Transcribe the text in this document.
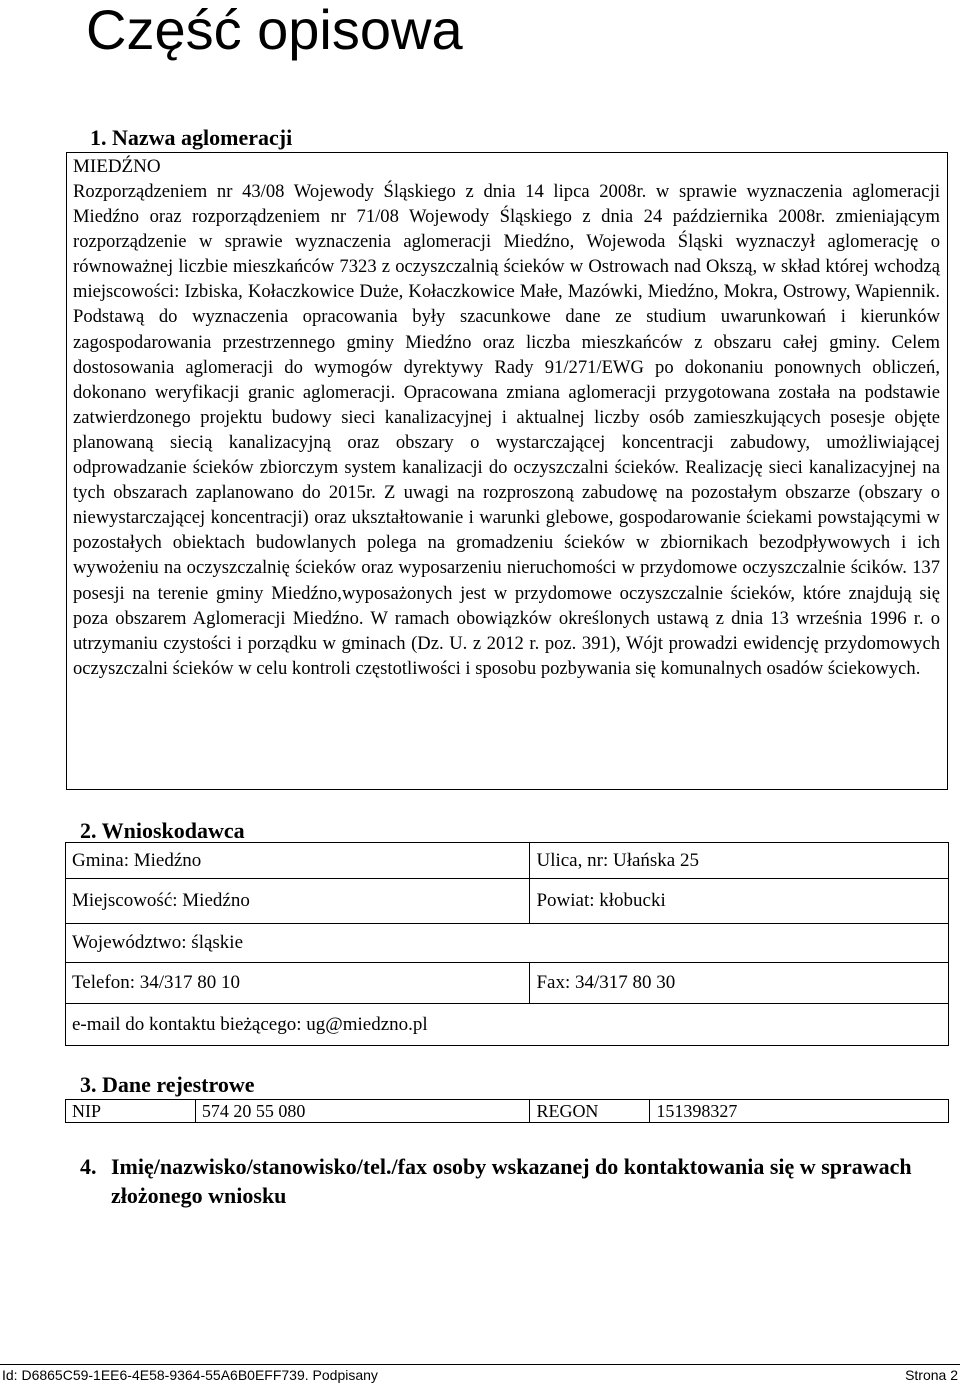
Część opisowa
1. Nazwa aglomeracji
MIEDŹNO

Rozporządzeniem nr 43/08 Wojewody Śląskiego z dnia 14 lipca 2008r. w sprawie wyznaczenia aglomeracji Miedźno oraz rozporządzeniem nr 71/08 Wojewody Śląskiego z dnia 24 października 2008r. zmieniającym rozporządzenie w sprawie wyznaczenia aglomeracji Miedźno, Wojewoda Śląski wyznaczył aglomerację o równoważnej liczbie mieszkańców 7323 z oczyszczalnią ścieków w Ostrowach nad Okszą, w skład której wchodzą miejscowości: Izbiska, Kołaczkowice Duże, Kołaczkowice Małe, Mazówki, Miedźno, Mokra, Ostrowy, Wapiennik. Podstawą do wyznaczenia opracowania były szacunkowe dane ze studium uwarunkowań i kierunków zagospodarowania przestrzennego gminy Miedźno oraz liczba mieszkańców z obszaru całej gminy. Celem dostosowania aglomeracji do wymogów dyrektywy Rady 91/271/EWG po dokonaniu ponownych obliczeń, dokonano weryfikacji granic aglomeracji. Opracowana zmiana aglomeracji przygotowana została na podstawie zatwierdzonego projektu budowy sieci kanalizacyjnej i aktualnej liczby osób zamieszkujących posesje objęte planowaną siecią kanalizacyjną oraz obszary o wystarczającej koncentracji zabudowy, umożliwiającej odprowadzanie ścieków zbiorczym system kanalizacji do oczyszczalni ścieków. Realizację sieci kanalizacyjnej na tych obszarach zaplanowano do 2015r. Z uwagi na rozproszoną zabudowę na pozostałym obszarze (obszary o niewystarczającej koncentracji) oraz ukształtowanie i warunki glebowe, gospodarowanie ściekami powstającymi w pozostałych obiektach budowlanych polega na gromadzeniu ścieków w zbiornikach bezodpływowych i ich wywożeniu na oczyszczalnię ścieków oraz wyposarzeniu nieruchomości w przydomowe oczyszczalnie ścików. 137 posesji na terenie gminy Miedźno,wyposażonych jest w przydomowe oczyszczalnie ścieków, które znajdują się poza obszarem Aglomeracji Miedźno. W ramach obowiązków określonych ustawą z dnia 13 września 1996 r. o utrzymaniu czystości i porządku w gminach (Dz. U. z 2012 r. poz. 391), Wójt prowadzi ewidencję przydomowych oczyszczalni ścieków w celu kontroli częstotliwości i sposobu pozbywania się komunalnych osadów ściekowych.

2. Wnioskodawca
Gmina: Miedźno	Ulica, nr: Ułańska 25
Miejscowość: Miedźno	Powiat: kłobucki
Województwo: śląskie	
Telefon: 34/317 80 10	Fax: 34/317 80 30
e-mail do kontaktu bieżącego: ug@miedzno.pl	
3. Dane rejestrowe
NIP	574 20 55 080	REGON	151398327
4. Imię/nazwisko/stanowisko/tel./fax osoby wskazanej do kontaktowania się w sprawach złożonego wniosku
Id: D6865C59-1EE6-4E58-9364-55A6B0EFF739. Podpisany	Strona 2
